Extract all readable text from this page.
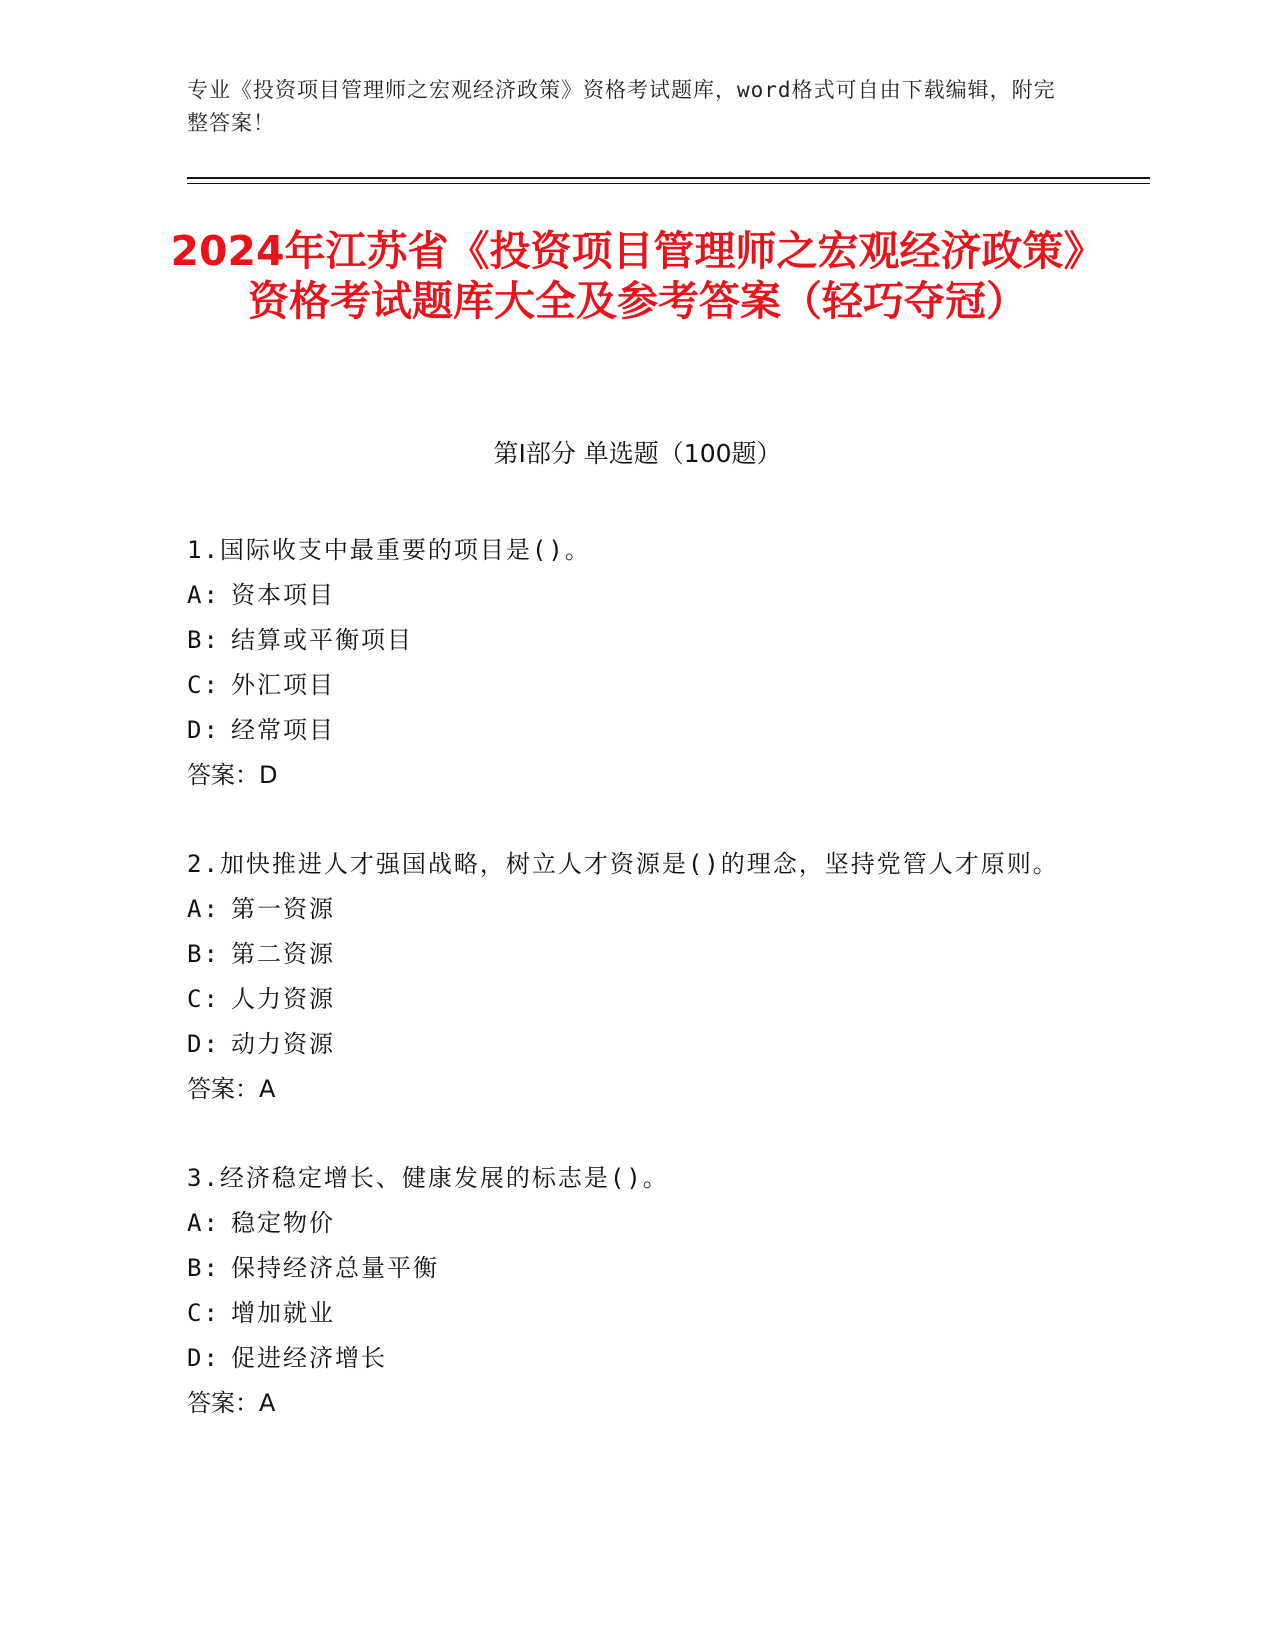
专业《投资项目管理师之宏观经济政策》资格考试题库，word格式可自由下载编辑，附完整答案！
2024年江苏省《投资项目管理师之宏观经济政策》资格考试题库大全及参考答案（轻巧夺冠）
第I部分 单选题（100题）
1.国际收支中最重要的项目是()。
A: 资本项目
B: 结算或平衡项目
C: 外汇项目
D: 经常项目
答案：D
2.加快推进人才强国战略，树立人才资源是()的理念，坚持党管人才原则。
A: 第一资源
B: 第二资源
C: 人力资源
D: 动力资源
答案：A
3.经济稳定增长、健康发展的标志是()。
A: 稳定物价
B: 保持经济总量平衡
C: 增加就业
D: 促进经济增长
答案：A
